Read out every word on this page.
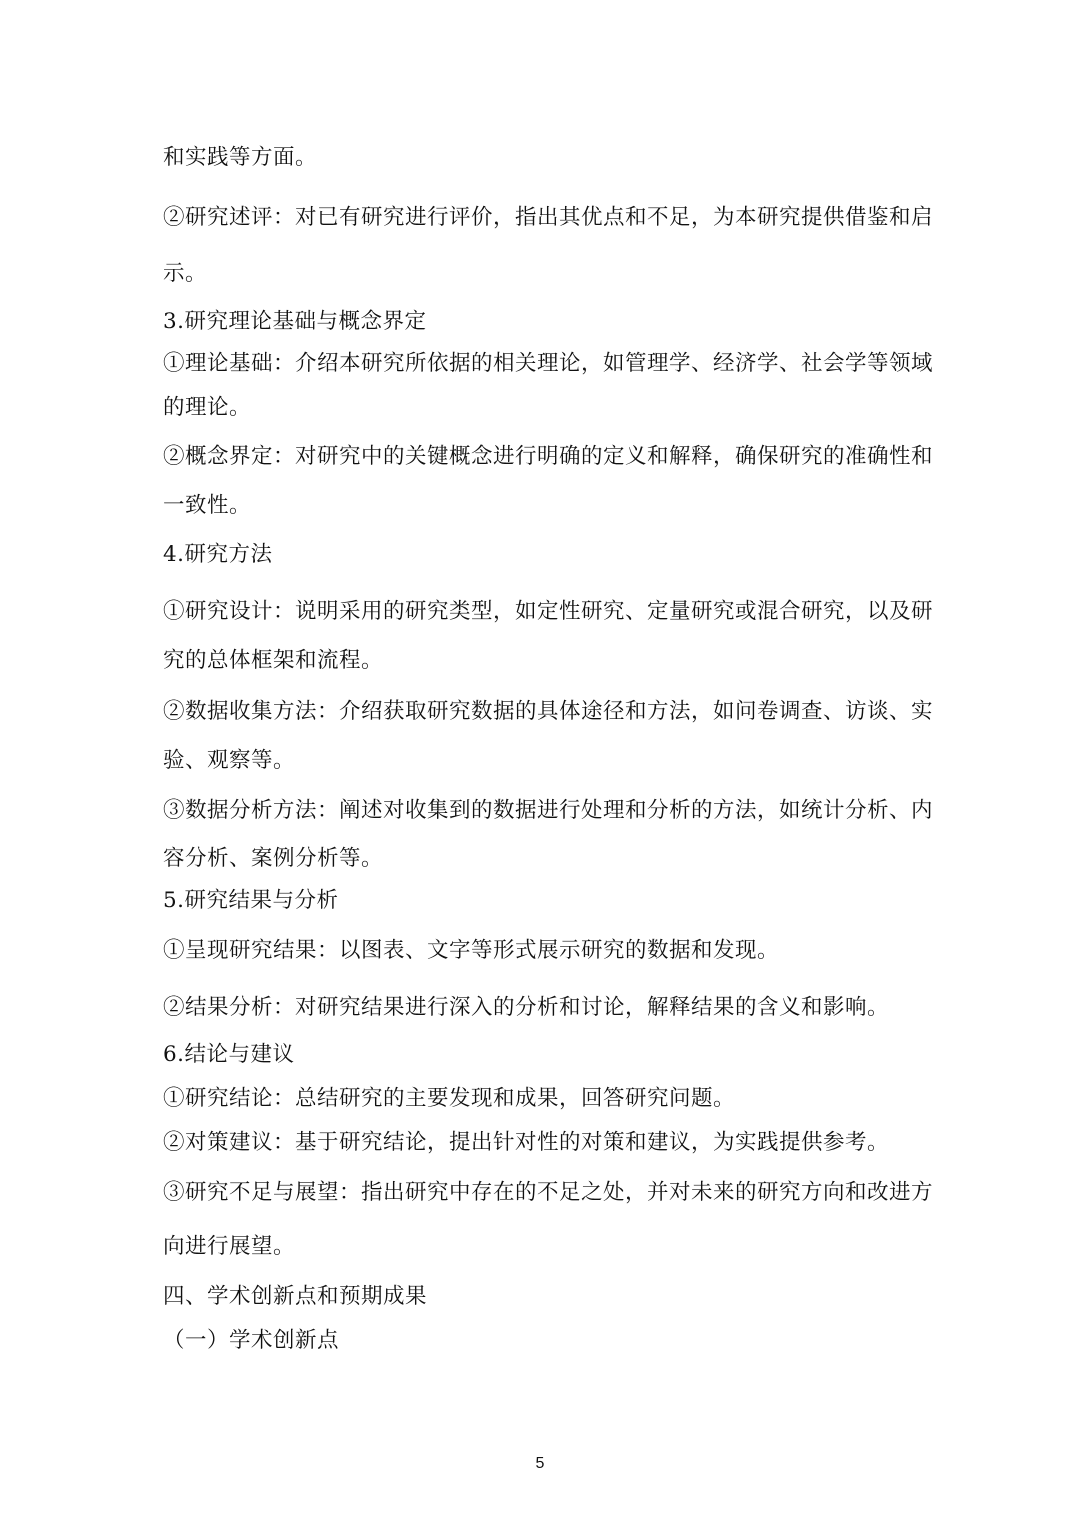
和实践等方面。
②研究述评：对已有研究进行评价，指出其优点和不足，为本研究提供借鉴和启
示。
3.研究理论基础与概念界定
①理论基础：介绍本研究所依据的相关理论，如管理学、经济学、社会学等领域
的理论。
②概念界定：对研究中的关键概念进行明确的定义和解释，确保研究的准确性和
一致性。
4.研究方法
①研究设计：说明采用的研究类型，如定性研究、定量研究或混合研究，以及研
究的总体框架和流程。
②数据收集方法：介绍获取研究数据的具体途径和方法，如问卷调查、访谈、实
验、观察等。
③数据分析方法：阐述对收集到的数据进行处理和分析的方法，如统计分析、内
容分析、案例分析等。
5.研究结果与分析
①呈现研究结果：以图表、文字等形式展示研究的数据和发现。
②结果分析：对研究结果进行深入的分析和讨论，解释结果的含义和影响。
6.结论与建议
①研究结论：总结研究的主要发现和成果，回答研究问题。
②对策建议：基于研究结论，提出针对性的对策和建议，为实践提供参考。
③研究不足与展望：指出研究中存在的不足之处，并对未来的研究方向和改进方
向进行展望。
四、学术创新点和预期成果
（一）学术创新点
5
